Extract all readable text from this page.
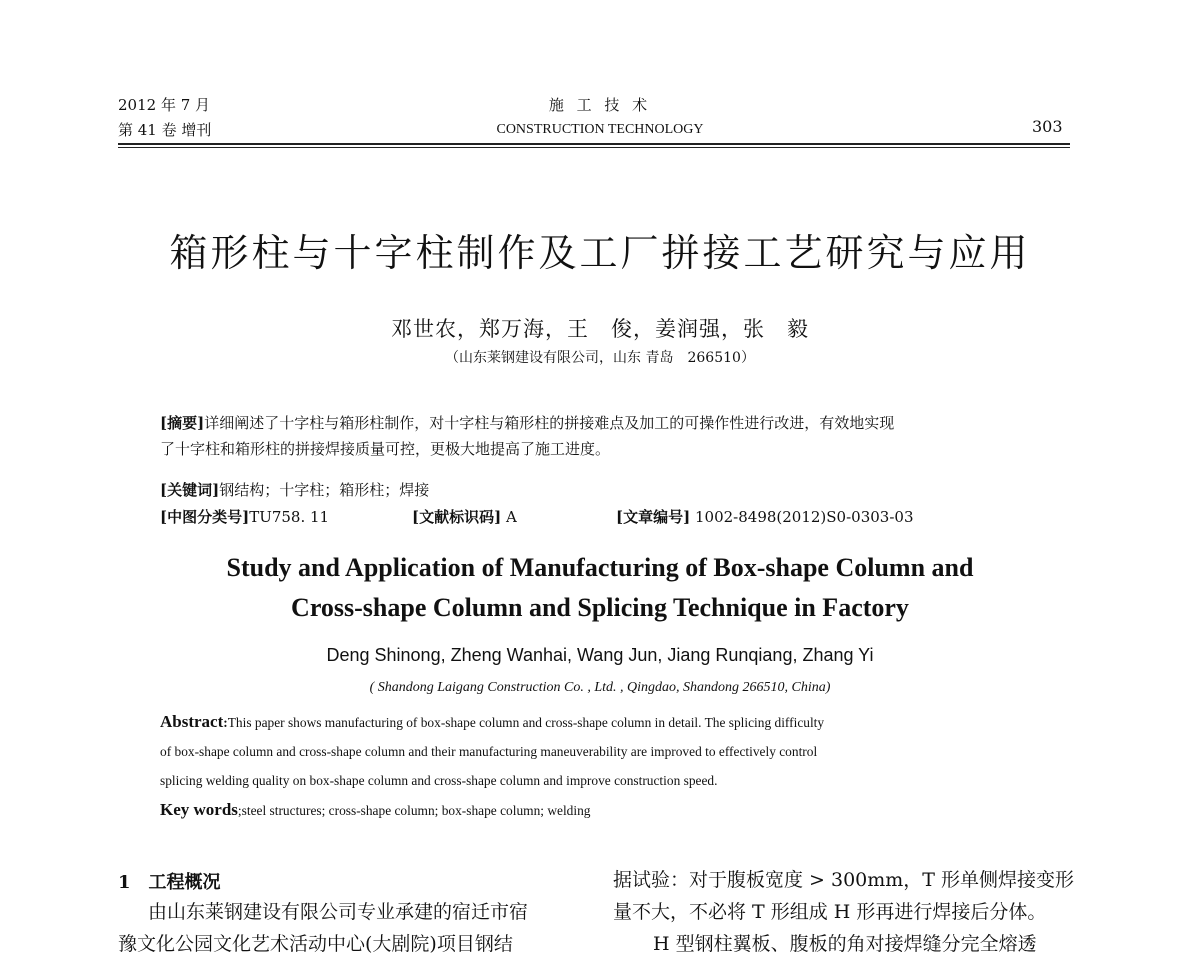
2012 年 7 月
第 41 卷 增刊
施 工 技 术
CONSTRUCTION TECHNOLOGY	303
箱形柱与十字柱制作及工厂拼接工艺研究与应用
邓世农，郑万海，王　俊，姜润强，张　毅
（山东莱钢建设有限公司，山东 青岛　266510）
[摘要]详细阐述了十字柱与箱形柱制作，对十字柱与箱形柱的拼接难点及加工的可操作性进行改进，有效地实现
了十字柱和箱形柱的拼接焊接质量可控，更极大地提高了施工进度。
[关键词]钢结构；十字柱；箱形柱；焊接
[中图分类号]TU758. 11	[文献标识码] A	[文章编号] 1002-8498(2012)S0-0303-03
Study and Application of Manufacturing of Box-shape Column and
Cross-shape Column and Splicing Technique in Factory
Deng Shinong, Zheng Wanhai, Wang Jun, Jiang Runqiang, Zhang Yi
( Shandong Laigang Construction Co. , Ltd. , Qingdao, Shandong 266510, China)
Abstract:This paper shows manufacturing of box-shape column and cross-shape column in detail. The splicing difficulty
of box-shape column and cross-shape column and their manufacturing maneuverability are improved to effectively control
splicing welding quality on box-shape column and cross-shape column and improve construction speed.
Key words;steel structures; cross-shape column; box-shape column; welding
1　工程概况
由山东莱钢建设有限公司专业承建的宿迁市宿
豫文化公园文化艺术活动中心(大剧院)项目钢结
据试验：对于腹板宽度 > 300mm，T 形单侧焊接变形
量不大，不必将 T 形组成 H 形再进行焊接后分体。
H 型钢柱翼板、腹板的角对接焊缝分完全熔透
